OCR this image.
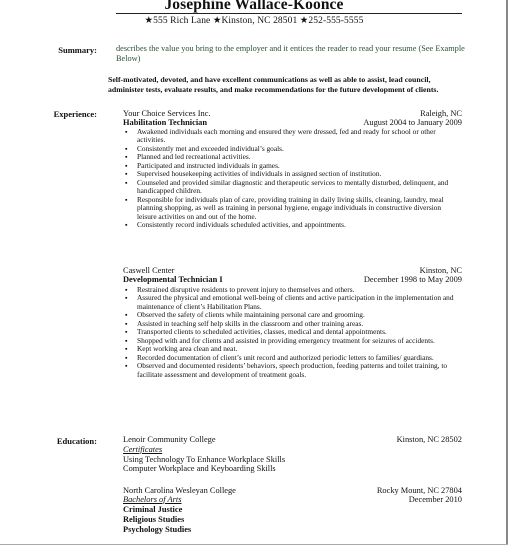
Josephine Wallace-Koonce
★555 Rich Lane ★Kinston, NC 28501 ★252-555-5555
Summary: describes the value you bring to the employer and it entices the reader to read your resume (See Example Below)
Self-motivated, devoted, and have excellent communications as well as able to assist, lead council, administer tests, evaluate results, and make recommendations for the future development of clients.
Experience:	Your Choice Services Inc.	Raleigh, NC
Habilitation Technician	August 2004 to January 2009
▪ Awakened individuals each morning and ensured they were dressed, fed and ready for school or other activities.
▪ Consistently met and exceeded individual’s goals.
▪ Planned and led recreational activities.
▪ Participated and instructed individuals in games.
▪ Supervised housekeeping activities of individuals in assigned section of institution.
▪ Counseled and provided similar diagnostic and therapeutic services to mentally disturbed, delinquent, and handicapped children.
▪ Responsible for individuals plan of care, providing training in daily living skills, cleaning, laundry, meal planning shopping, as well as training in personal hygiene, engage individuals in constructive diversion leisure activities on and out of the home.
▪ Consistently record individuals scheduled activities, and appointments.
Caswell Center	Kinston, NC
Developmental Technician I	December 1998 to May 2009
▪ Restrained disruptive residents to prevent injury to themselves and others.
▪ Assured the physical and emotional well-being of clients and active participation in the implementation and maintenance of client’s Habilitation Plans.
▪ Observed the safety of clients while maintaining personal care and grooming.
▪ Assisted in teaching self help skills in the classroom and other training areas.
▪ Transported clients to scheduled activities, classes, medical and dental appointments.
▪ Shopped with and for clients and assisted in providing emergency treatment for seizures of accidents.
▪ Kept working area clean and neat.
▪ Recorded documentation of client’s unit record and authorized periodic letters to families/ guardians.
▪ Observed and documented residents’ behaviors, speech production, feeding patterns and toilet training, to facilitate assessment and development of treatment goals.
Education:	Lenoir Community College	Kinston, NC 28502
Certificates
Using Technology To Enhance Workplace Skills
Computer Workplace and Keyboarding Skills
North Carolina Wesleyan College	Rocky Mount, NC 27804
Bachelors of Arts	December 2010
Criminal Justice
Religious Studies
Psychology Studies
